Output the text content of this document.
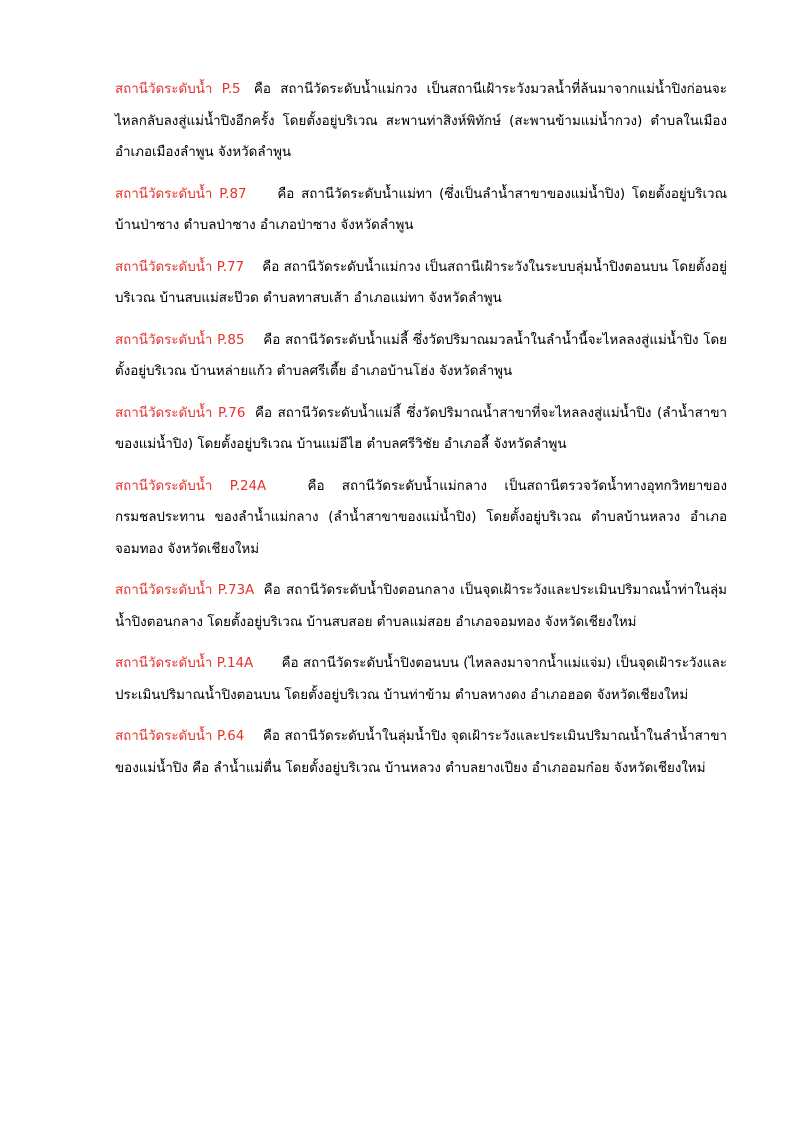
สถานีวัดระดับน้ำ P.5 คือ สถานีวัดระดับน้ำแม่กวง เป็นสถานีเฝ้าระวังมวลน้ำที่ล้นมาจากแม่น้ำปิงก่อนจะไหลกลับลงสู่แม่น้ำปิงอีกครั้ง โดยตั้งอยู่บริเวณ สะพานท่าสิงห์พิทักษ์ (สะพานข้ามแม่น้ำกวง) ตำบลในเมือง อำเภอเมืองลำพูน จังหวัดลำพูน

สถานีวัดระดับน้ำ P.87 คือ สถานีวัดระดับน้ำแม่ทา (ซึ่งเป็นลำน้ำสาขาของแม่น้ำปิง) โดยตั้งอยู่บริเวณ บ้านป่าซาง ตำบลป่าซาง อำเภอป่าซาง จังหวัดลำพูน

สถานีวัดระดับน้ำ P.77 คือ สถานีวัดระดับน้ำแม่กวง เป็นสถานีเฝ้าระวังในระบบลุ่มน้ำปิงตอนบน โดยตั้งอยู่บริเวณ บ้านสบแม่สะป๊วด ตำบลทาสบเส้า อำเภอแม่ทา จังหวัดลำพูน

สถานีวัดระดับน้ำ P.85 คือ สถานีวัดระดับน้ำแม่ลี้ ซึ่งวัดปริมาณมวลน้ำในลำน้ำนี้จะไหลลงสู่แม่น้ำปิง โดยตั้งอยู่บริเวณ บ้านหล่ายแก้ว ตำบลศรีเตี้ย อำเภอบ้านโฮ่ง จังหวัดลำพูน

สถานีวัดระดับน้ำ P.76 คือ สถานีวัดระดับน้ำแม่ลี้ ซึ่งวัดปริมาณน้ำสาขาที่จะไหลลงสู่แม่น้ำปิง (ลำน้ำสาขาของแม่น้ำปิง) โดยตั้งอยู่บริเวณ บ้านแม่อีไฮ ตำบลศรีวิชัย อำเภอลี้ จังหวัดลำพูน

สถานีวัดระดับน้ำ P.24A	คือ สถานีวัดระดับน้ำแม่กลาง เป็นสถานีตรวจวัดน้ำทางอุทกวิทยาของกรมชลประทาน ของลำน้ำแม่กลาง (ลำน้ำสาขาของแม่น้ำปิง) โดยตั้งอยู่บริเวณ ตำบลบ้านหลวง อำเภอจอมทอง จังหวัดเชียงใหม่

สถานีวัดระดับน้ำ P.73A คือ สถานีวัดระดับน้ำปิงตอนกลาง เป็นจุดเฝ้าระวังและประเมินปริมาณน้ำท่าในลุ่มน้ำปิงตอนกลาง โดยตั้งอยู่บริเวณ บ้านสบสอย ตำบลแม่สอย อำเภอจอมทอง จังหวัดเชียงใหม่

สถานีวัดระดับน้ำ P.14A คือ สถานีวัดระดับน้ำปิงตอนบน (ไหลลงมาจากน้ำแม่แจ่ม) เป็นจุดเฝ้าระวังและประเมินปริมาณน้ำปิงตอนบน โดยตั้งอยู่บริเวณ บ้านท่าข้าม ตำบลหางดง อำเภอฮอด จังหวัดเชียงใหม่

สถานีวัดระดับน้ำ P.64 คือ สถานีวัดระดับน้ำในลุ่มน้ำปิง จุดเฝ้าระวังและประเมินปริมาณน้ำในลำน้ำสาขาของแม่น้ำปิง คือ ลำน้ำแม่ตื่น โดยตั้งอยู่บริเวณ บ้านหลวง ตำบลยางเปียง อำเภออมก๋อย จังหวัดเชียงใหม่
